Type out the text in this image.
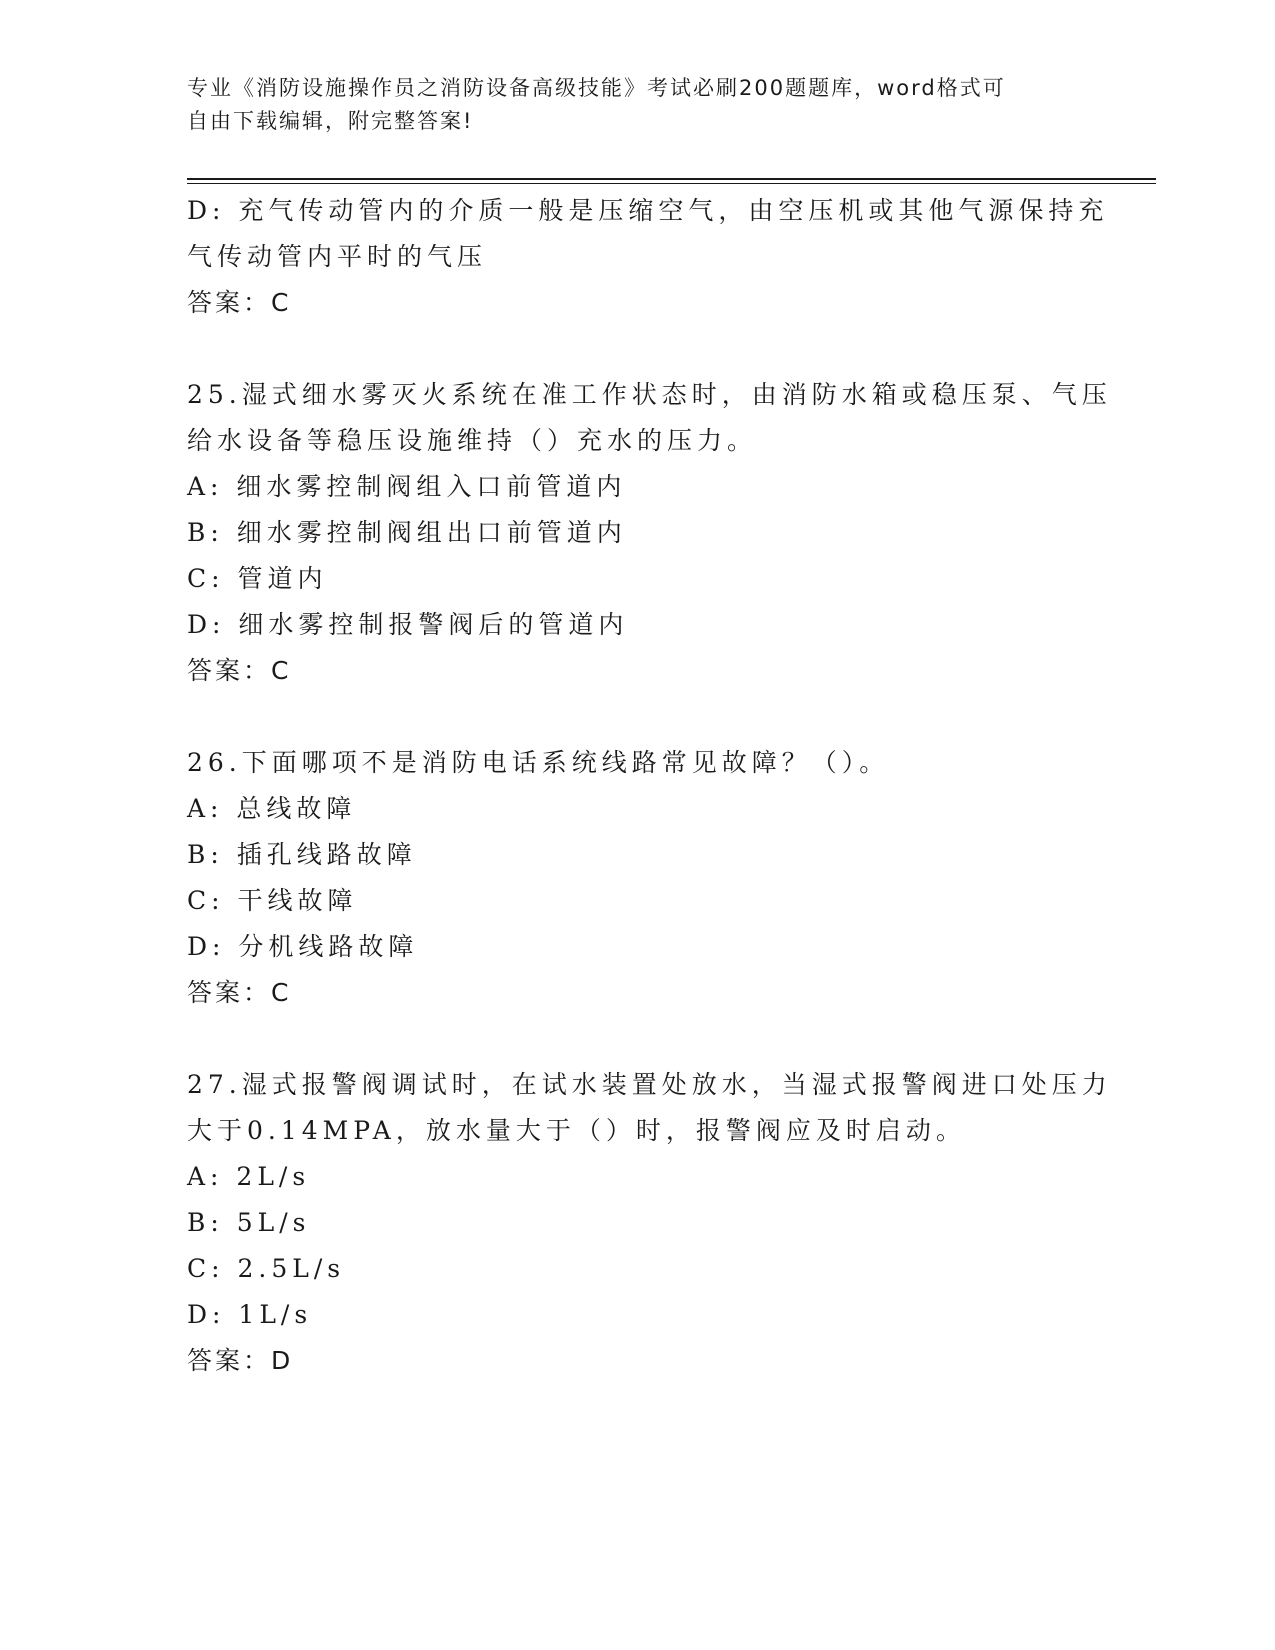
专业《消防设施操作员之消防设备高级技能》考试必刷200题题库，word格式可
自由下载编辑，附完整答案!
D: 充气传动管内的介质一般是压缩空气，由空压机或其他气源保持充
气传动管内平时的气压
答案：C
25.湿式细水雾灭火系统在准工作状态时，由消防水箱或稳压泵、气压
给水设备等稳压设施维持（）充水的压力。
A: 细水雾控制阀组入口前管道内
B: 细水雾控制阀组出口前管道内
C: 管道内
D: 细水雾控制报警阀后的管道内
答案：C
26.下面哪项不是消防电话系统线路常见故障？（）。
A: 总线故障
B: 插孔线路故障
C: 干线故障
D: 分机线路故障
答案：C
27.湿式报警阀调试时，在试水装置处放水，当湿式报警阀进口处压力
大于0.14MPA，放水量大于（）时，报警阀应及时启动。
A: 2L/s
B: 5L/s
C: 2.5L/s
D: 1L/s
答案：D
